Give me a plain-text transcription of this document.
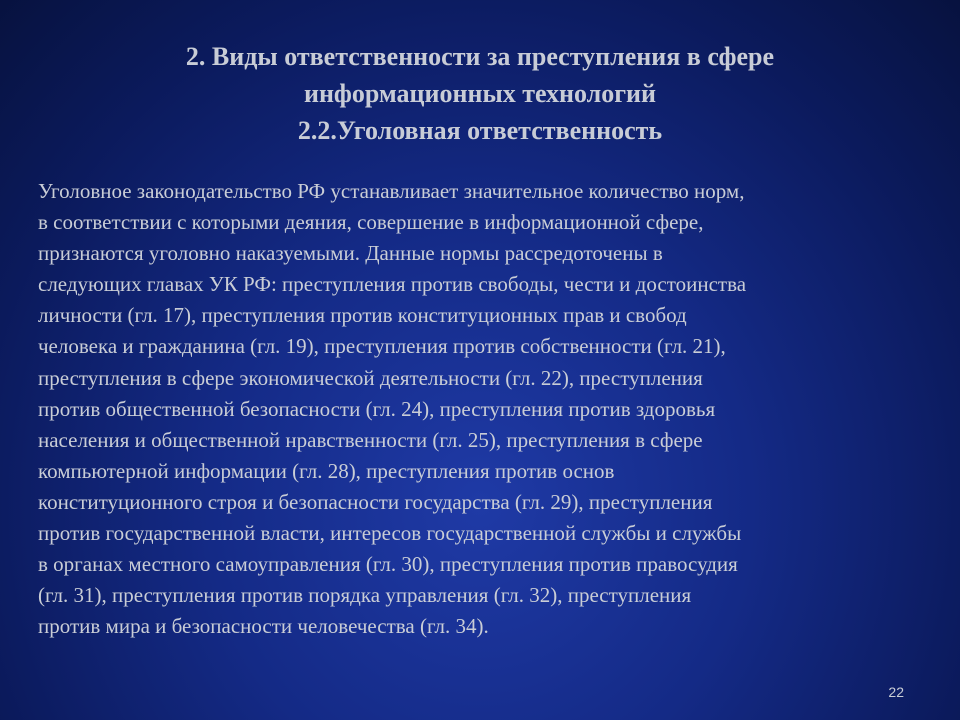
2. Виды ответственности за преступления в сфере
информационных технологий
2.2.Уголовная ответственность
Уголовное законодательство РФ устанавливает значительное количество норм,
в соответствии с которыми деяния, совершение в информационной сфере,
признаются уголовно наказуемыми. Данные нормы рассредоточены в
следующих главах УК РФ: преступления против свободы, чести и достоинства
личности (гл. 17), преступления против конституционных прав и свобод
человека и гражданина (гл. 19), преступления против собственности (гл. 21),
преступления в сфере экономической деятельности (гл. 22), преступления
против общественной безопасности (гл. 24), преступления против здоровья
населения и общественной нравственности (гл. 25), преступления в сфере
компьютерной информации (гл. 28), преступления против основ
конституционного строя и безопасности государства (гл. 29), преступления
против государственной власти, интересов государственной службы и службы
в органах местного самоуправления (гл. 30), преступления против правосудия
(гл. 31), преступления против порядка управления (гл. 32), преступления
против мира и безопасности человечества (гл. 34).
22
